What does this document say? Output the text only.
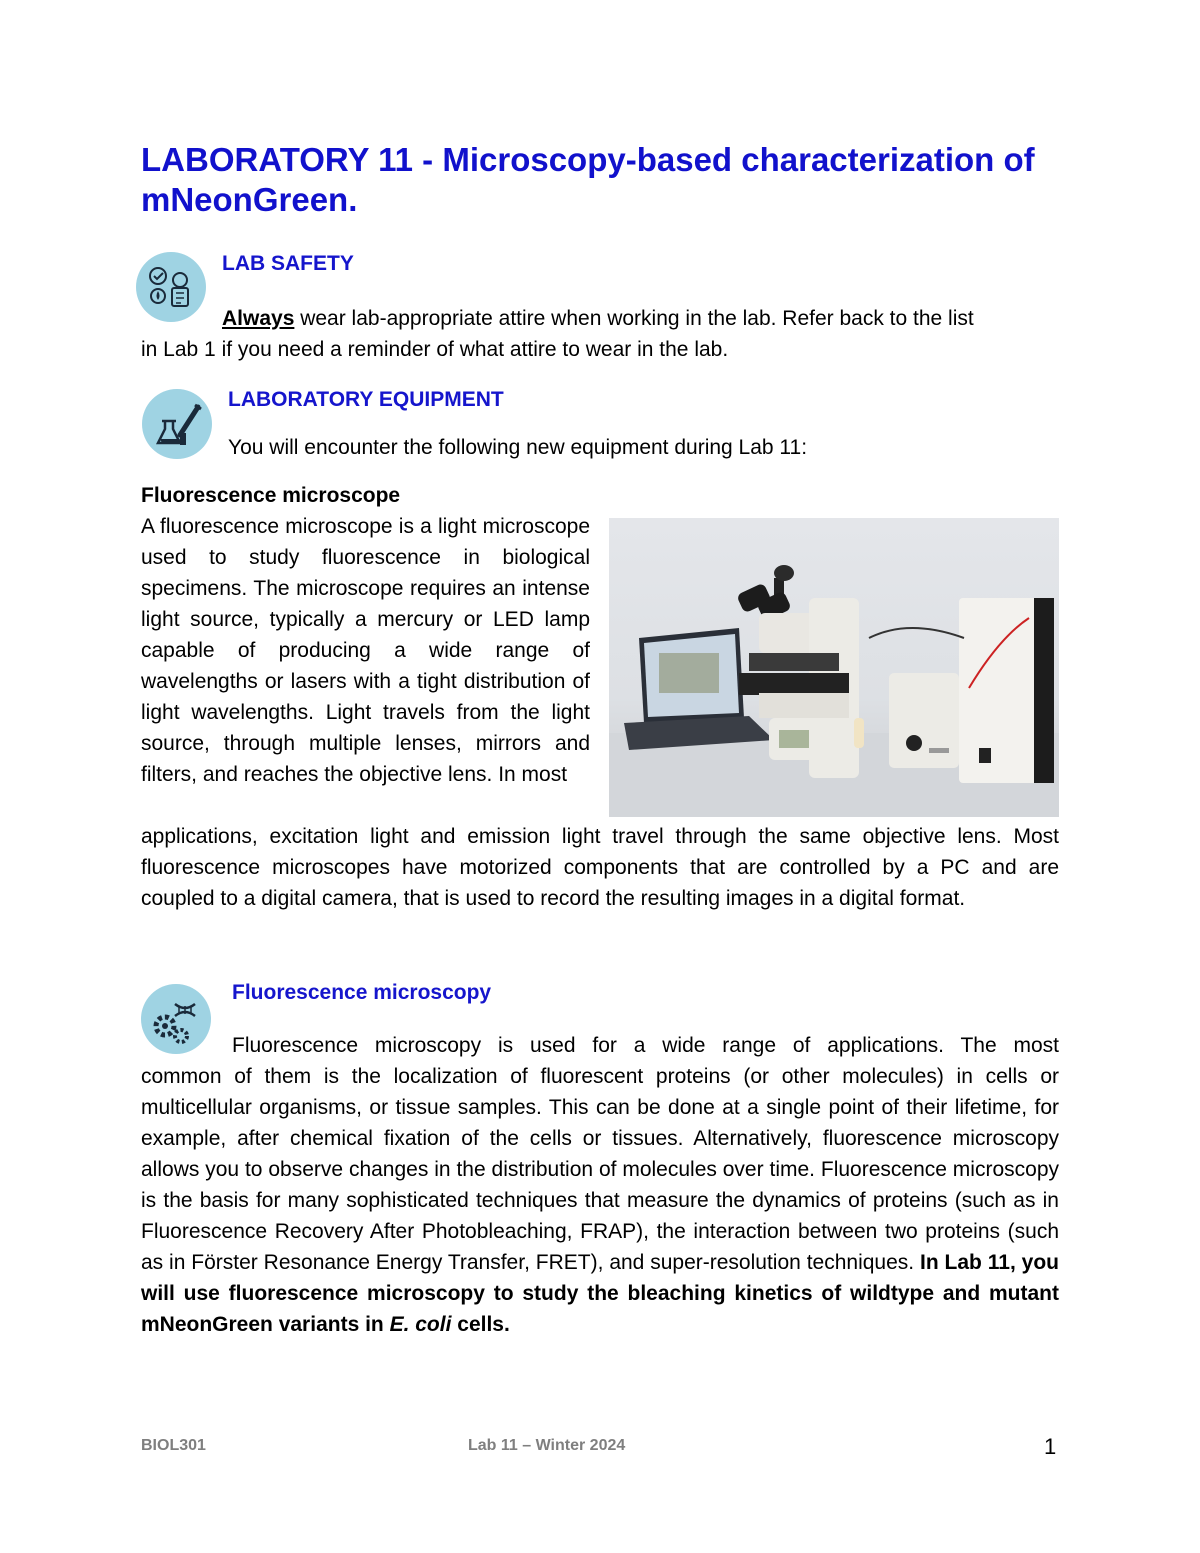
LABORATORY 11 - Microscopy-based characterization of mNeonGreen.
LAB SAFETY
Always wear lab-appropriate attire when working in the lab. Refer back to the list
in Lab 1 if you need a reminder of what attire to wear in the lab.
LABORATORY EQUIPMENT
You will encounter the following new equipment during Lab 11:
Fluorescence microscope

A fluorescence microscope is a light microscope used to study fluorescence in biological specimens. The microscope requires an intense light source, typically a mercury or LED lamp capable of producing a wide range of wavelengths or lasers with a tight distribution of light wavelengths. Light travels from the light source, through multiple lenses, mirrors and filters, and reaches the objective lens. In most

applications, excitation light and emission light travel through the same objective lens. Most fluorescence microscopes have motorized components that are controlled by a PC and are coupled to a digital camera, that is used to record the resulting images in a digital format.

Fluorescence microscopy
Fluorescence microscopy is used for a wide range of applications. The most

common of them is the localization of fluorescent proteins (or other molecules) in cells or multicellular organisms, or tissue samples. This can be done at a single point of their lifetime, for example, after chemical fixation of the cells or tissues. Alternatively, fluorescence microscopy allows you to observe changes in the distribution of molecules over time. Fluorescence microscopy is the basis for many sophisticated techniques that measure the dynamics of proteins (such as in Fluorescence Recovery After Photobleaching, FRAP), the interaction between two proteins (such as in Förster Resonance Energy Transfer, FRET), and super-resolution techniques. In Lab 11, you will use fluorescence microscopy to study the bleaching kinetics of wildtype and mutant mNeonGreen variants in E. coli cells.

BIOL301	Lab 11 – Winter 2024	1
